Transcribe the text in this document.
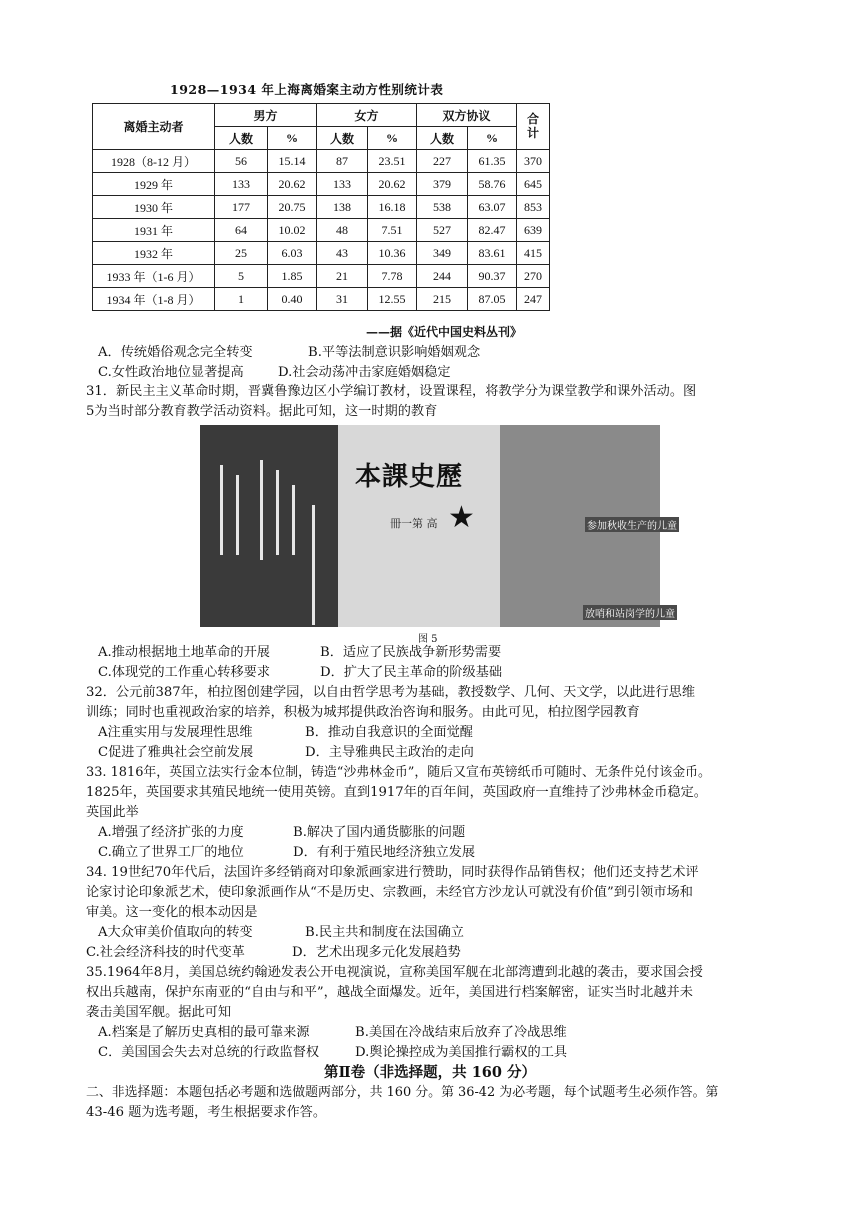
1928—1934 年上海离婚案主动方性别统计表
离婚主动者	男方		女方		双方协议		合计
	人数	%	人数	%	人数	%	
1928（8-12 月）	56	15.14	87	23.51	227	61.35	370
1929 年	133	20.62	133	20.62	379	58.76	645
1930 年	177	20.75	138	16.18	538	63.07	853
1931 年	64	10.02	48	7.51	527	82.47	639
1932 年	25	6.03	43	10.36	349	83.61	415
1933 年（1-6 月）	5	1.85	21	7.78	244	90.37	270
1934 年（1-8 月）	1	0.40	31	12.55	215	87.05	247
——据《近代中国史料丛刊》
A．传统婚俗观念完全转变	B.平等法制意识影响婚姻观念
C.女性政治地位显著提高	D.社会动荡冲击家庭婚姻稳定
31．新民主主义革命时期，晋冀鲁豫边区小学编订教材，设置课程，将教学分为课堂教学和课外活动。图
5为当时部分教育教学活动资料。据此可知，这一时期的教育
本課史歷
★
冊一第 高	参加秋收生产的儿童
放哨和站岗学的儿童
图 5
A.推动根据地土地革命的开展	B．适应了民族战争新形势需要
C.体现党的工作重心转移要求	D．扩大了民主革命的阶级基础
32．公元前387年，柏拉图创建学园，以自由哲学思考为基础，教授数学、几何、天文学，以此进行思维
训练；同时也重视政治家的培养，积极为城邦提供政治咨询和服务。由此可见，柏拉图学园教育
A注重实用与发展理性思维	B．推动自我意识的全面觉醒
C促进了雅典社会空前发展	D．主导雅典民主政治的走向
33. 1816年，英国立法实行金本位制，铸造“沙弗林金币”，随后又宣布英镑纸币可随时、无条件兑付该金币。
1825年，英国要求其殖民地统一使用英镑。直到1917年的百年间，英国政府一直维持了沙弗林金币稳定。
英国此举
A.增强了经济扩张的力度	B.解决了国内通货膨胀的问题
C.确立了世界工厂的地位	D．有利于殖民地经济独立发展
34. 19世纪70年代后，法国许多经销商对印象派画家进行赞助，同时获得作品销售权；他们还支持艺术评
论家讨论印象派艺术，使印象派画作从“不是历史、宗教画，未经官方沙龙认可就没有价值”到引领市场和
审美。这一变化的根本动因是
A大众审美价值取向的转变	B.民主共和制度在法国确立
C.社会经济科技的时代变革	D．艺术出现多元化发展趋势
35.1964年8月，美国总统约翰逊发表公开电视演说，宣称美国军舰在北部湾遭到北越的袭击，要求国会授
权出兵越南，保护东南亚的“自由与和平”，越战全面爆发。近年，美国进行档案解密，证实当时北越并未
袭击美国军舰。据此可知
A.档案是了解历史真相的最可靠来源	B.美国在冷战结束后放弃了冷战思维
C．美国国会失去对总统的行政监督权	D.舆论操控成为美国推行霸权的工具
第Ⅱ卷（非选择题，共 160 分）
二、非选择题：本题包括必考题和选做题两部分，共 160 分。第 36-42 为必考题，每个试题考生必须作答。第
43-46 题为选考题，考生根据要求作答。
